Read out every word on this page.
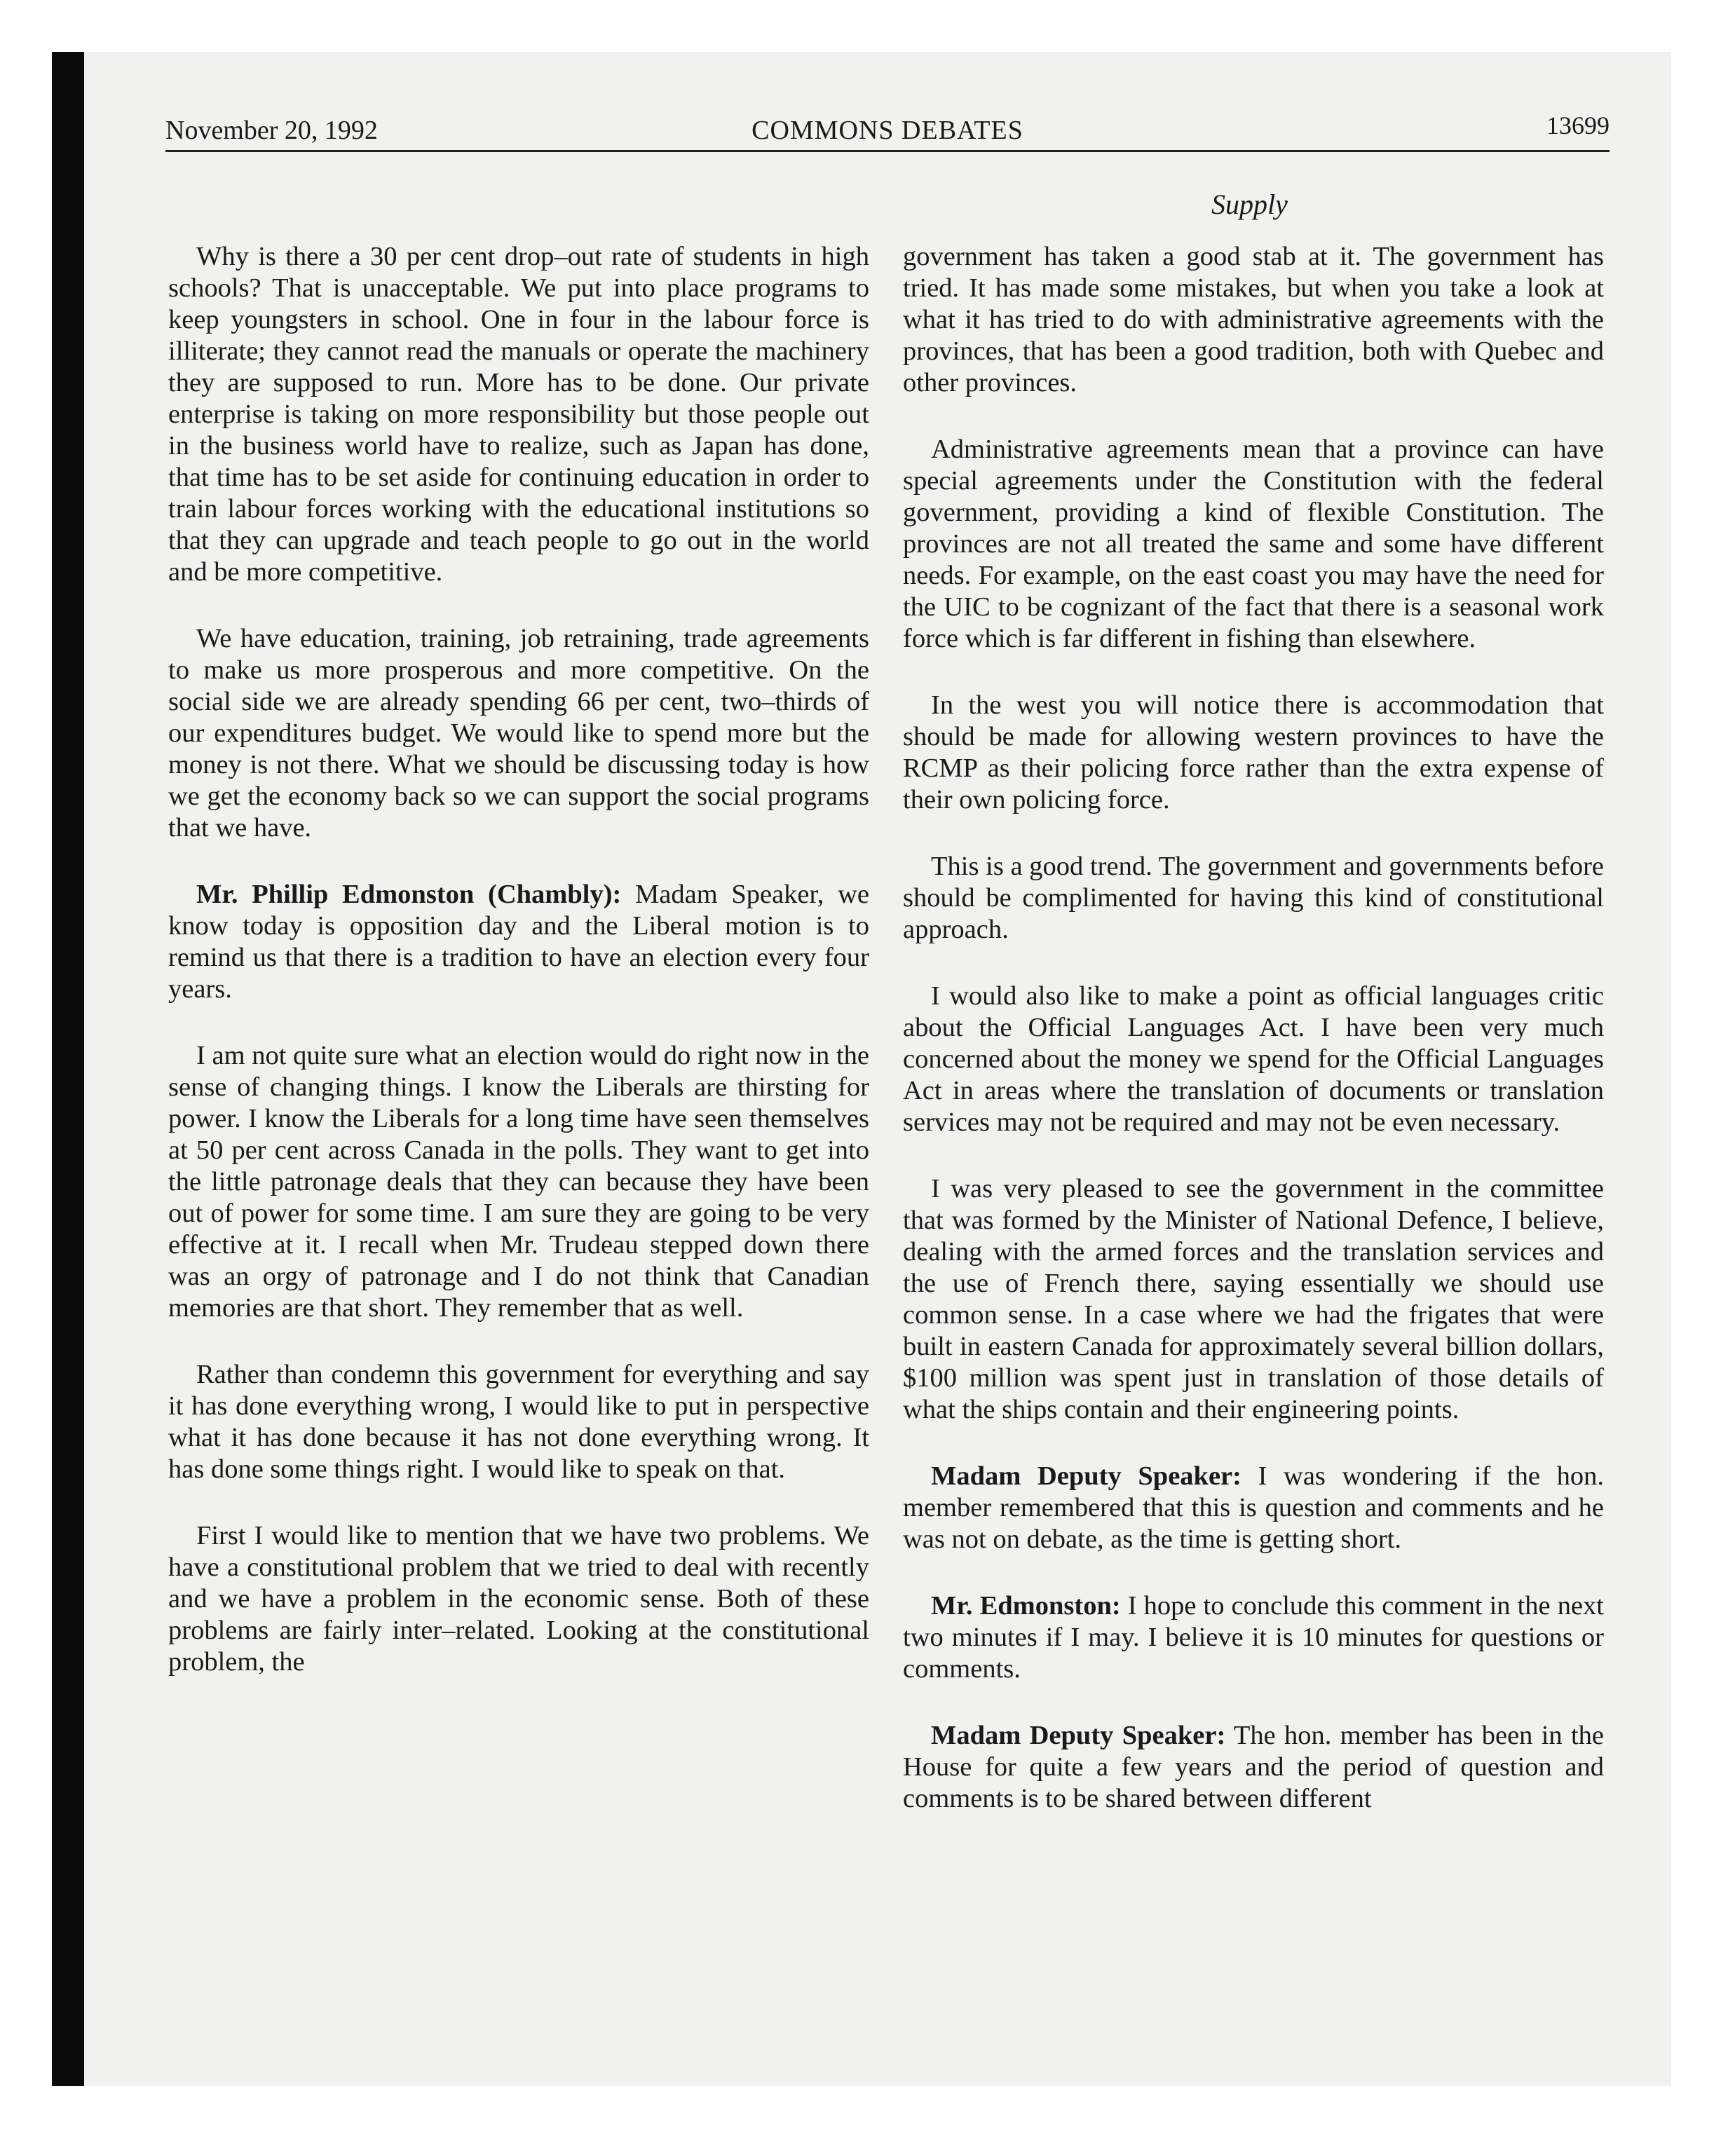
November 20, 1992	COMMONS DEBATES	13699
Supply

Why is there a 30 per cent drop–out rate of students in high schools? That is unacceptable. We put into place programs to keep youngsters in school. One in four in the labour force is illiterate; they cannot read the manuals or operate the machinery they are supposed to run. More has to be done. Our private enterprise is taking on more responsibility but those people out in the business world have to realize, such as Japan has done, that time has to be set aside for continuing education in order to train labour forces working with the educational institutions so that they can upgrade and teach people to go out in the world and be more competitive.

We have education, training, job retraining, trade agreements to make us more prosperous and more competitive. On the social side we are already spending 66 per cent, two–thirds of our expenditures budget. We would like to spend more but the money is not there. What we should be discussing today is how we get the economy back so we can support the social programs that we have.

Mr. Phillip Edmonston (Chambly): Madam Speaker, we know today is opposition day and the Liberal motion is to remind us that there is a tradition to have an election every four years.

I am not quite sure what an election would do right now in the sense of changing things. I know the Liberals are thirsting for power. I know the Liberals for a long time have seen themselves at 50 per cent across Canada in the polls. They want to get into the little patronage deals that they can because they have been out of power for some time. I am sure they are going to be very effective at it. I recall when Mr. Trudeau stepped down there was an orgy of patronage and I do not think that Canadian memories are that short. They remember that as well.

Rather than condemn this government for everything and say it has done everything wrong, I would like to put in perspective what it has done because it has not done everything wrong. It has done some things right. I would like to speak on that.

First I would like to mention that we have two problems. We have a constitutional problem that we tried to deal with recently and we have a problem in the economic sense. Both of these problems are fairly inter–related. Looking at the constitutional problem, the

government has taken a good stab at it. The government has tried. It has made some mistakes, but when you take a look at what it has tried to do with administrative agreements with the provinces, that has been a good tradition, both with Quebec and other provinces.

Administrative agreements mean that a province can have special agreements under the Constitution with the federal government, providing a kind of flexible Constitution. The provinces are not all treated the same and some have different needs. For example, on the east coast you may have the need for the UIC to be cognizant of the fact that there is a seasonal work force which is far different in fishing than elsewhere.

In the west you will notice there is accommodation that should be made for allowing western provinces to have the RCMP as their policing force rather than the extra expense of their own policing force.

This is a good trend. The government and governments before should be complimented for having this kind of constitutional approach.

I would also like to make a point as official languages critic about the Official Languages Act. I have been very much concerned about the money we spend for the Official Languages Act in areas where the translation of documents or translation services may not be required and may not be even necessary.

I was very pleased to see the government in the committee that was formed by the Minister of National Defence, I believe, dealing with the armed forces and the translation services and the use of French there, saying essentially we should use common sense. In a case where we had the frigates that were built in eastern Canada for approximately several billion dollars, $100 million was spent just in translation of those details of what the ships contain and their engineering points.

Madam Deputy Speaker: I was wondering if the hon. member remembered that this is question and comments and he was not on debate, as the time is getting short.

Mr. Edmonston: I hope to conclude this comment in the next two minutes if I may. I believe it is 10 minutes for questions or comments.

Madam Deputy Speaker: The hon. member has been in the House for quite a few years and the period of question and comments is to be shared between different
